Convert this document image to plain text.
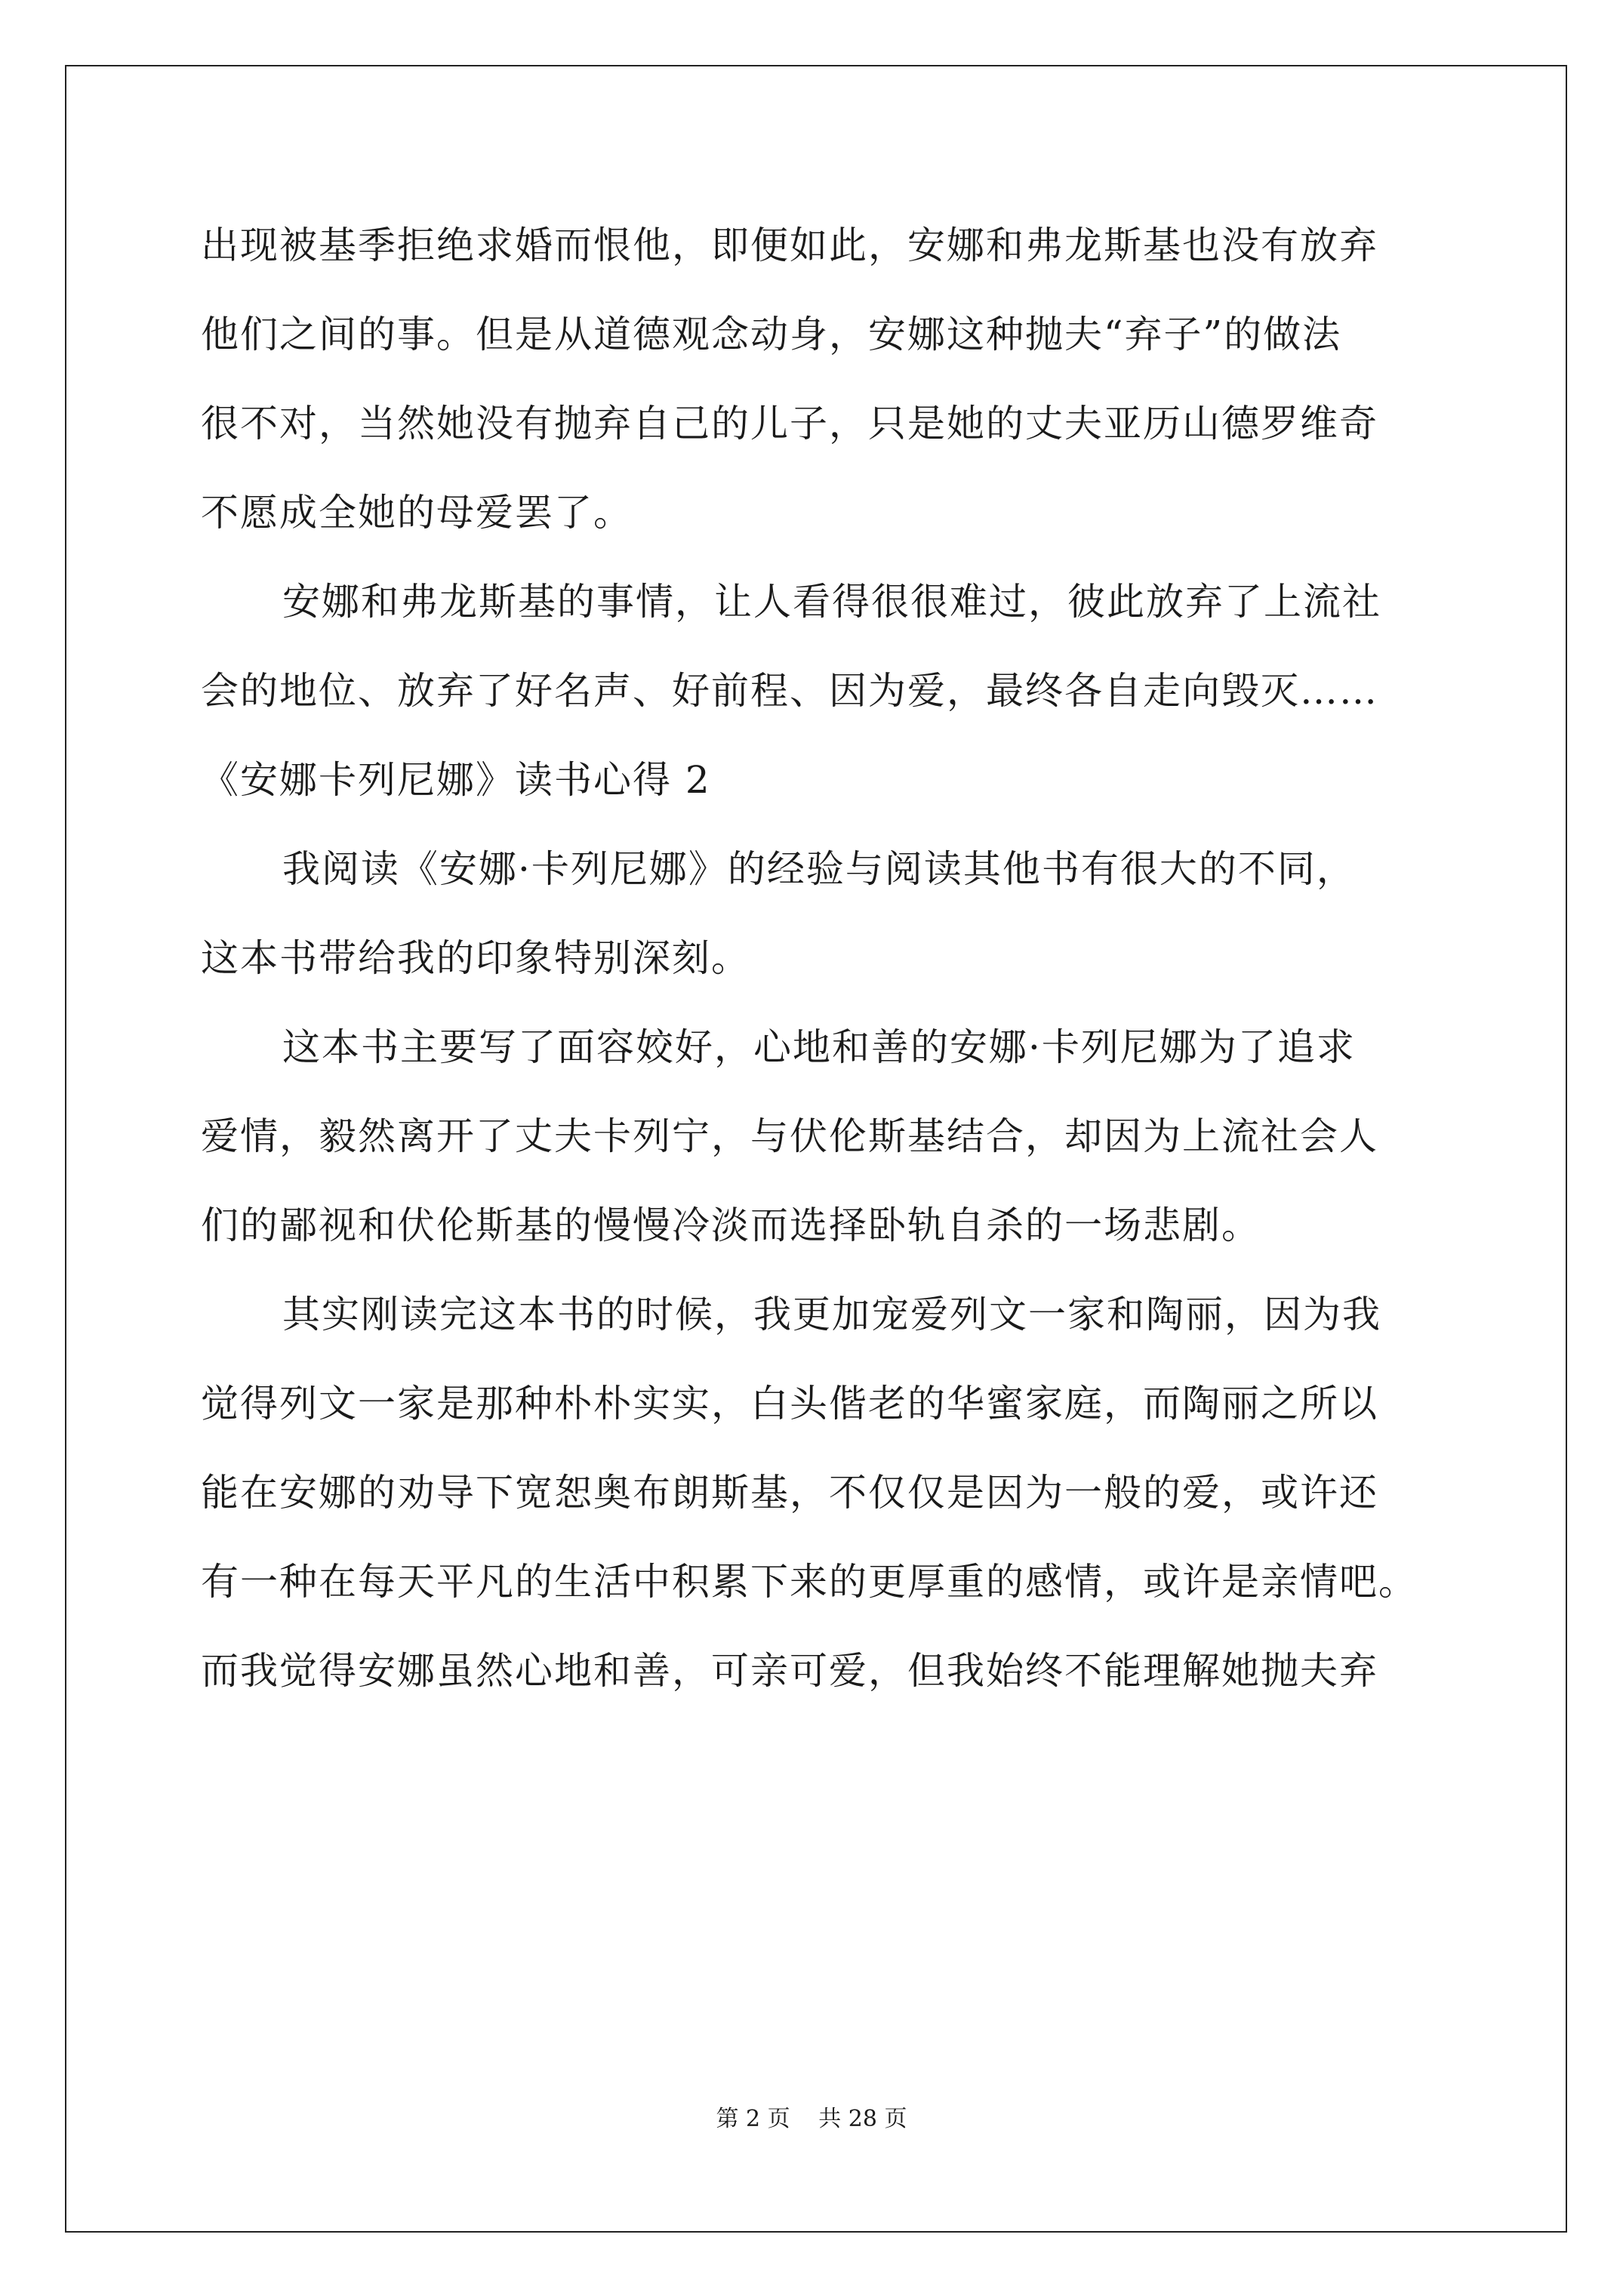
出现被基季拒绝求婚而恨他，即便如此，安娜和弗龙斯基也没有放弃
他们之间的事。但是从道德观念动身，安娜这种抛夫“弃子”的做法
很不对，当然她没有抛弃自己的儿子，只是她的丈夫亚历山德罗维奇
不愿成全她的母爱罢了。
安娜和弗龙斯基的事情，让人看得很很难过，彼此放弃了上流社
会的地位、放弃了好名声、好前程、因为爱，最终各自走向毁灭……
《安娜卡列尼娜》读书心得 2
我阅读《安娜·卡列尼娜》的经验与阅读其他书有很大的不同，
这本书带给我的印象特别深刻。
这本书主要写了面容姣好，心地和善的安娜·卡列尼娜为了追求
爱情，毅然离开了丈夫卡列宁，与伏伦斯基结合，却因为上流社会人
们的鄙视和伏伦斯基的慢慢冷淡而选择卧轨自杀的一场悲剧。
其实刚读完这本书的时候，我更加宠爱列文一家和陶丽，因为我
觉得列文一家是那种朴朴实实，白头偕老的华蜜家庭，而陶丽之所以
能在安娜的劝导下宽恕奥布朗斯基，不仅仅是因为一般的爱，或许还
有一种在每天平凡的生活中积累下来的更厚重的感情，或许是亲情吧。
而我觉得安娜虽然心地和善，可亲可爱，但我始终不能理解她抛夫弃
第 2 页 共 28 页
